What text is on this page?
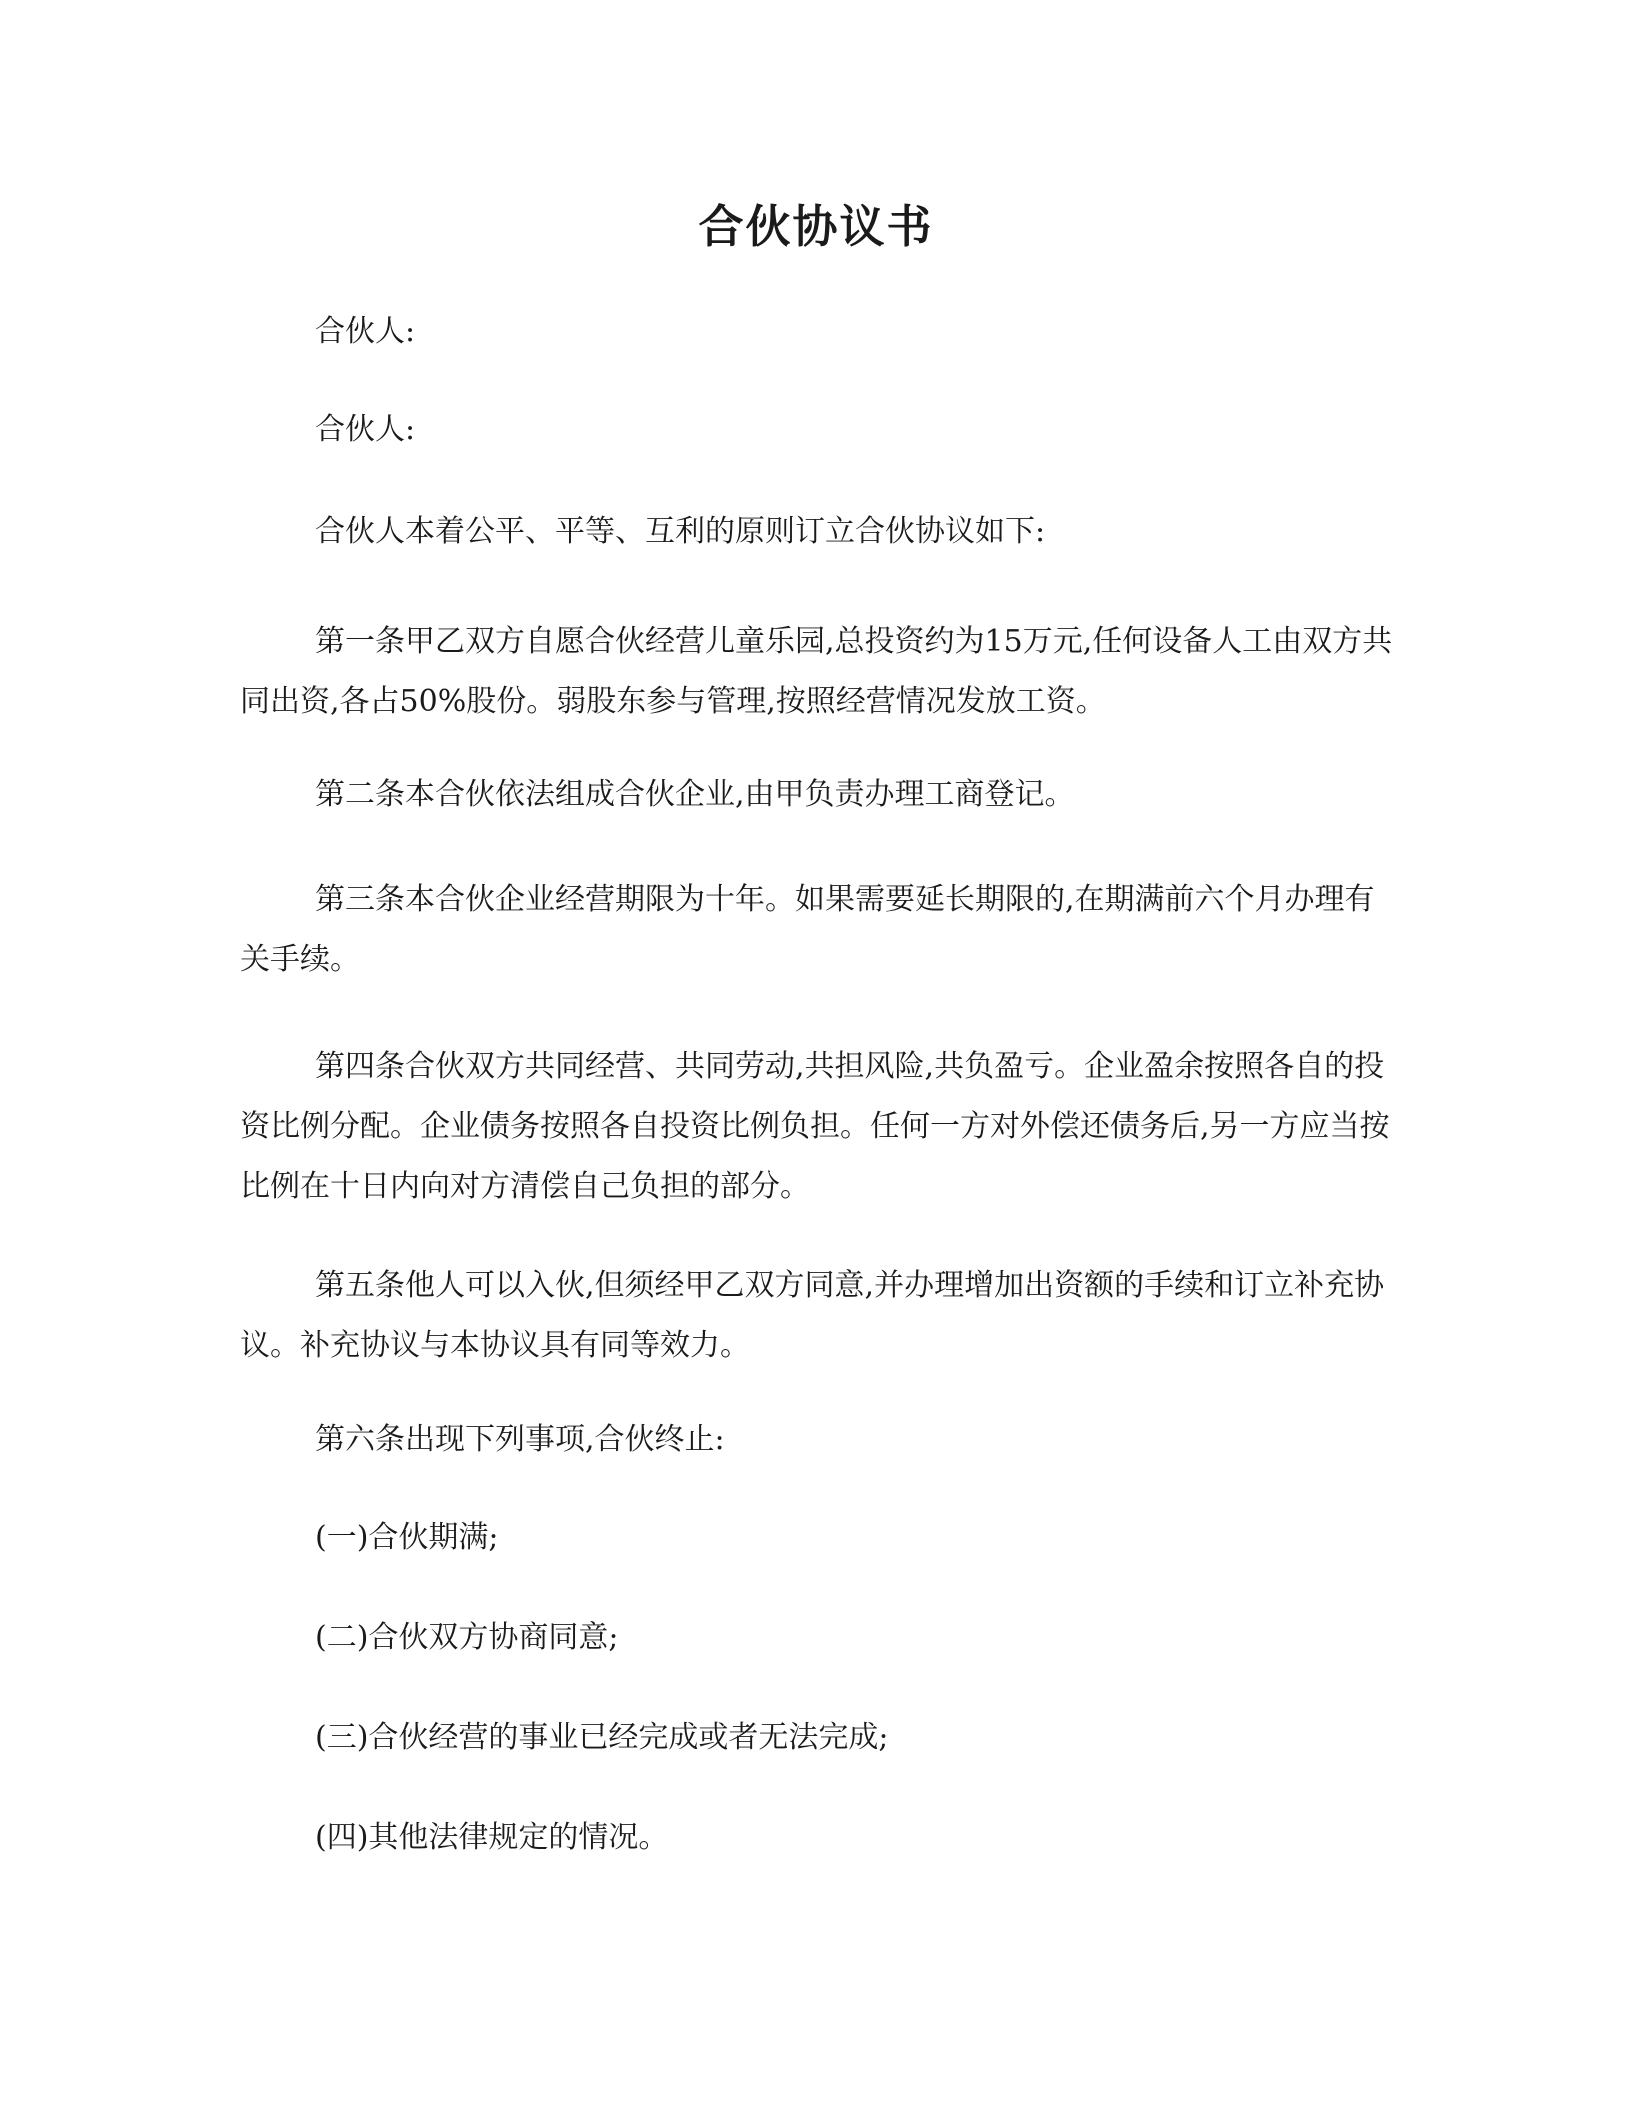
合伙协议书
合伙人:
合伙人:
合伙人本着公平、平等、互利的原则订立合伙协议如下:
第一条甲乙双方自愿合伙经营儿童乐园,总投资约为15万元,任何设备人工由双方共同出资,各占50%股份。弱股东参与管理,按照经营情况发放工资。
第二条本合伙依法组成合伙企业,由甲负责办理工商登记。
第三条本合伙企业经营期限为十年。如果需要延长期限的,在期满前六个月办理有关手续。
第四条合伙双方共同经营、共同劳动,共担风险,共负盈亏。企业盈余按照各自的投资比例分配。企业债务按照各自投资比例负担。任何一方对外偿还债务后,另一方应当按比例在十日内向对方清偿自己负担的部分。
第五条他人可以入伙,但须经甲乙双方同意,并办理增加出资额的手续和订立补充协议。补充协议与本协议具有同等效力。
第六条出现下列事项,合伙终止:
(一)合伙期满;
(二)合伙双方协商同意;
(三)合伙经营的事业已经完成或者无法完成;
(四)其他法律规定的情况。
